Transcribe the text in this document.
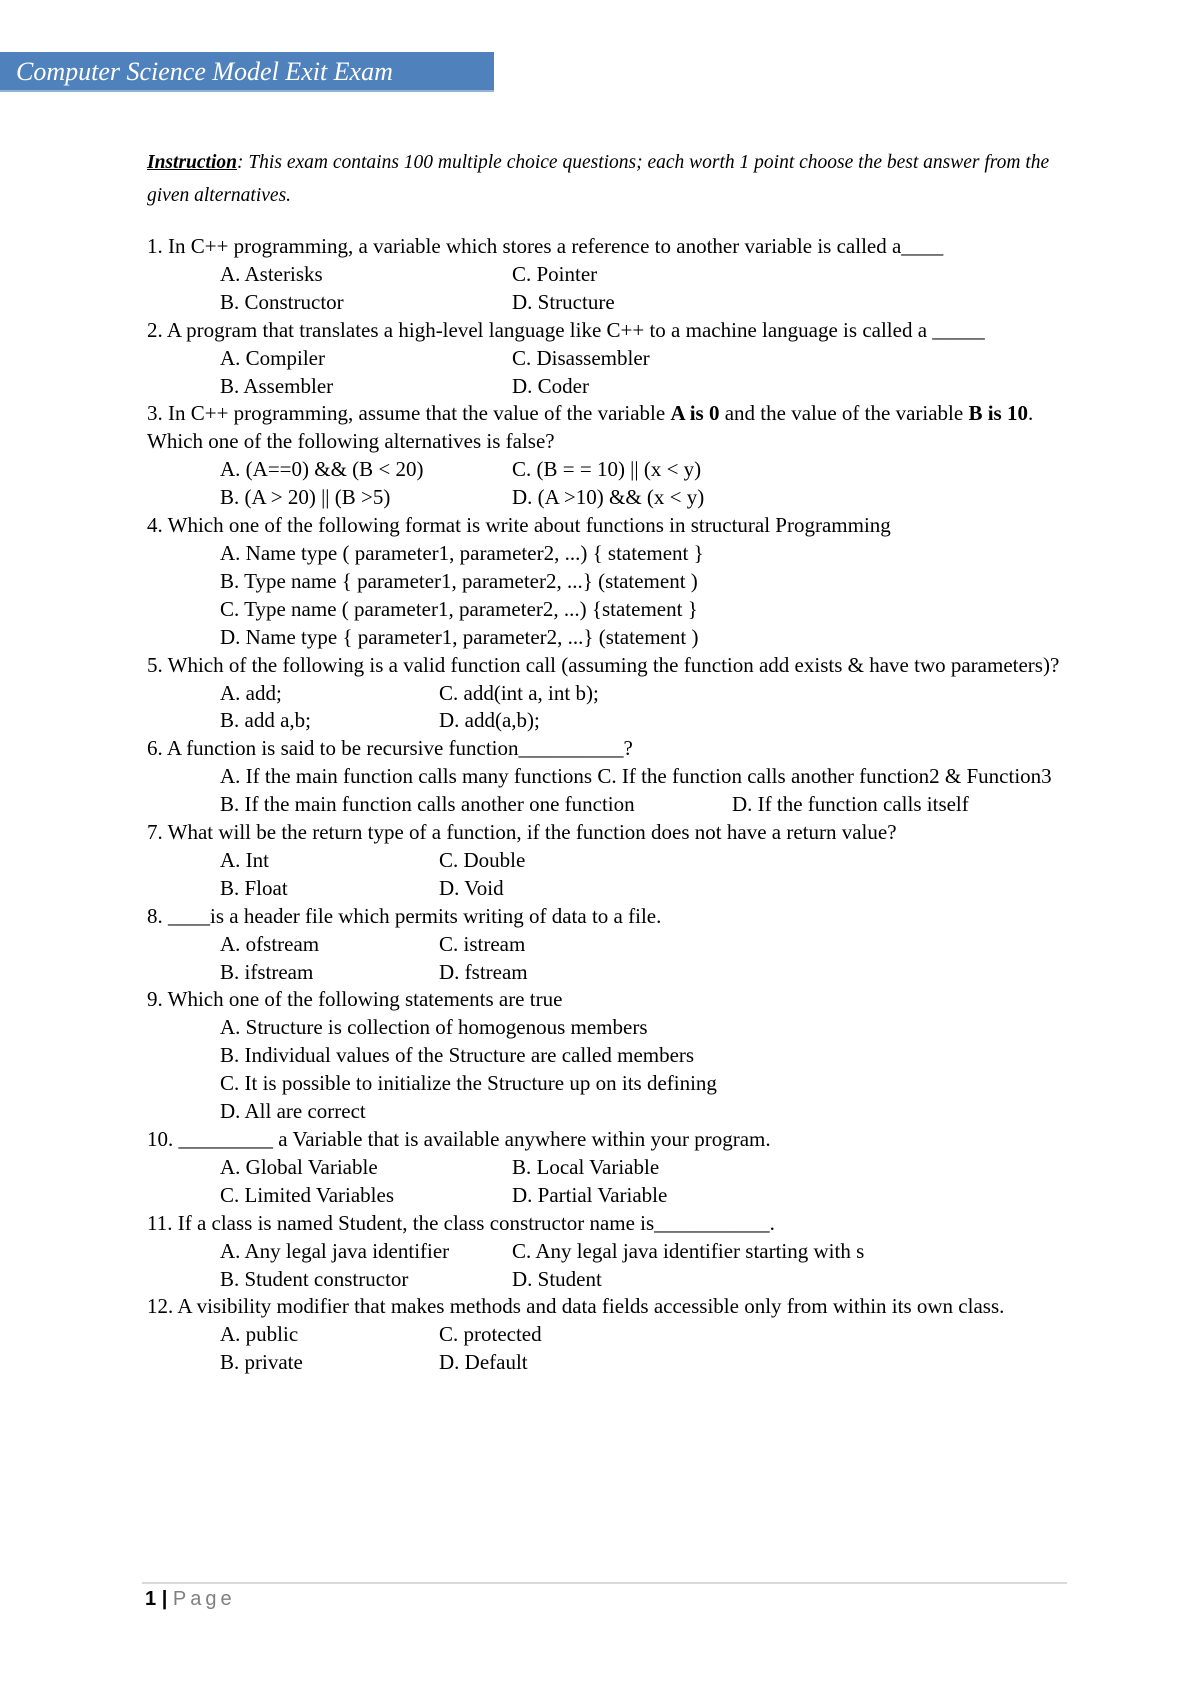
Computer Science Model Exit Exam
Instruction: This exam contains 100 multiple choice questions; each worth 1 point choose the best answer from the given alternatives.
1. In C++ programming, a variable which stores a reference to another variable is called a____
A. Asterisks	C. Pointer
B. Constructor	D. Structure
2. A program that translates a high-level language like C++ to a machine language is called a _____
A. Compiler	C. Disassembler
B. Assembler	D. Coder
3. In C++ programming, assume that the value of the variable A is 0 and the value of the variable B is 10. Which one of the following alternatives is false?
A. (A==0) && (B < 20)	C. (B = = 10) || (x < y)
B. (A > 20) || (B >5)	D. (A >10) && (x < y)
4. Which one of the following format is write about functions in structural Programming
A. Name type ( parameter1, parameter2, ...) { statement }
B. Type name { parameter1, parameter2, ...} (statement )
C. Type name ( parameter1, parameter2, ...) {statement }
D. Name type { parameter1, parameter2, ...} (statement )
5. Which of the following is a valid function call (assuming the function add exists & have two parameters)?
A. add;	C. add(int a, int b);
B. add a,b;	D. add(a,b);
6. A function is said to be recursive function__________?
A. If the main function calls many functions C. If the function calls another function2 & Function3
B. If the main function calls another one function	D. If the function calls itself
7. What will be the return type of a function, if the function does not have a return value?
A. Int	C. Double
B. Float	D. Void
8. ____is a header file which permits writing of data to a file.
A. ofstream	C. istream
B. ifstream	D. fstream
9. Which one of the following statements are true
A. Structure is collection of homogenous members
B. Individual values of the Structure are called members
C. It is possible to initialize the Structure up on its defining
D. All are correct
10. _________ a Variable that is available anywhere within your program.
A. Global Variable	B. Local Variable
C. Limited Variables	D. Partial Variable
11. If a class is named Student, the class constructor name is___________.
A. Any legal java identifier	C. Any legal java identifier starting with s
B. Student constructor	D. Student
12. A visibility modifier that makes methods and data fields accessible only from within its own class.
A. public	C. protected
B. private	D. Default
1 | Page
